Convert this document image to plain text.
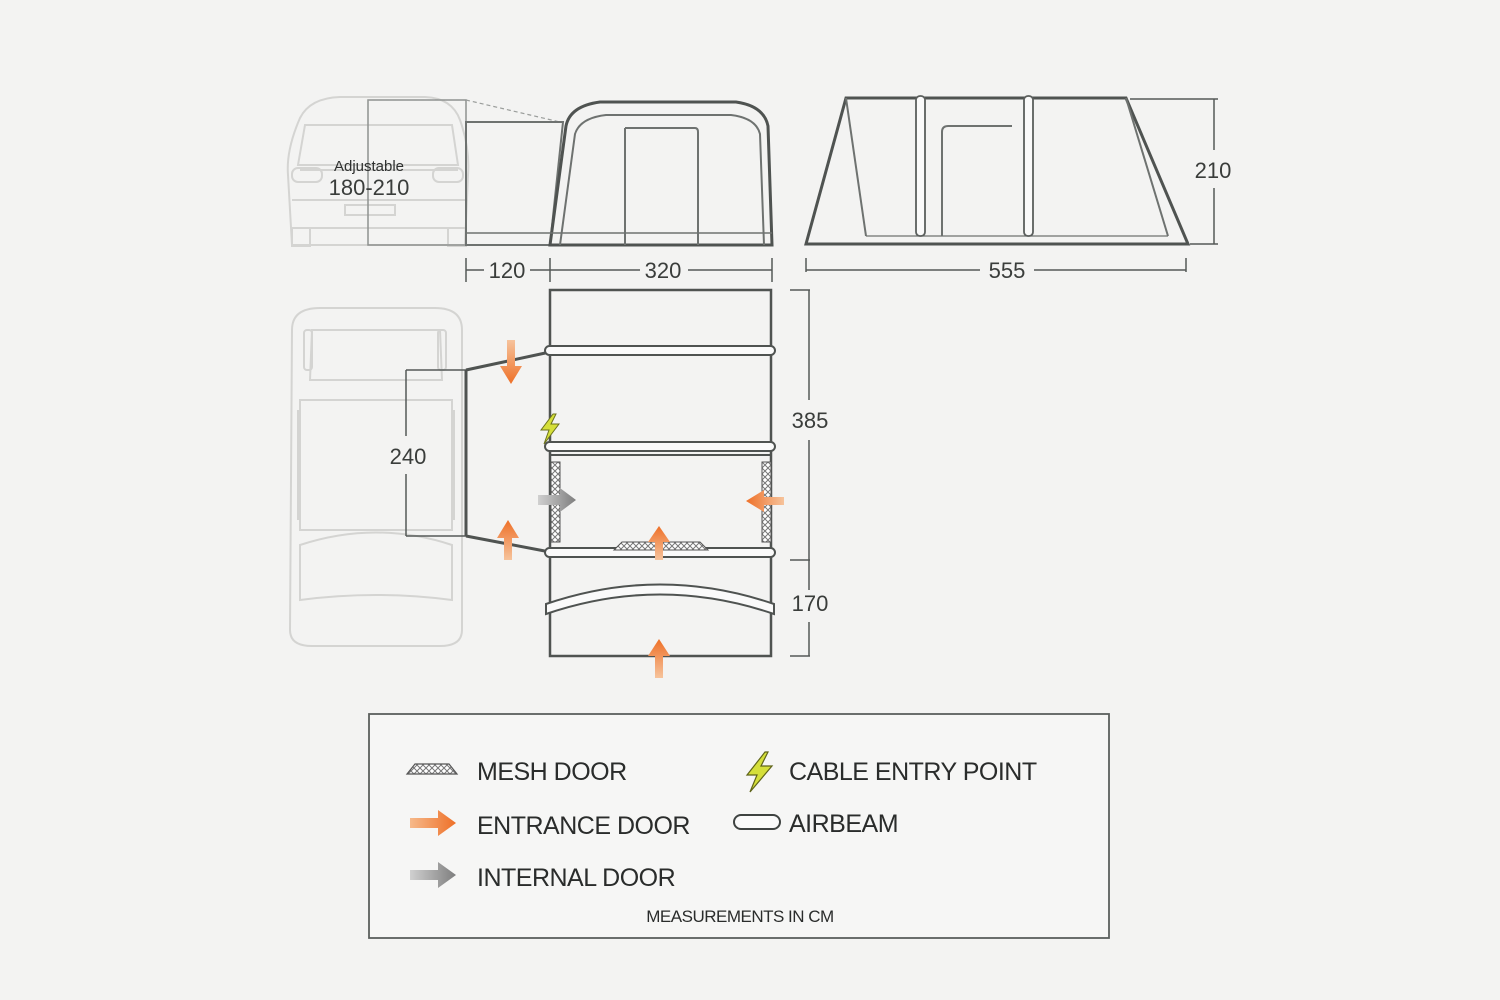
Adjustable
180-210
120	320
210
555
240
385
170
MESH DOOR	CABLE ENTRY POINT
ENTRANCE DOOR	AIRBEAM
INTERNAL DOOR
MEASUREMENTS IN CM
